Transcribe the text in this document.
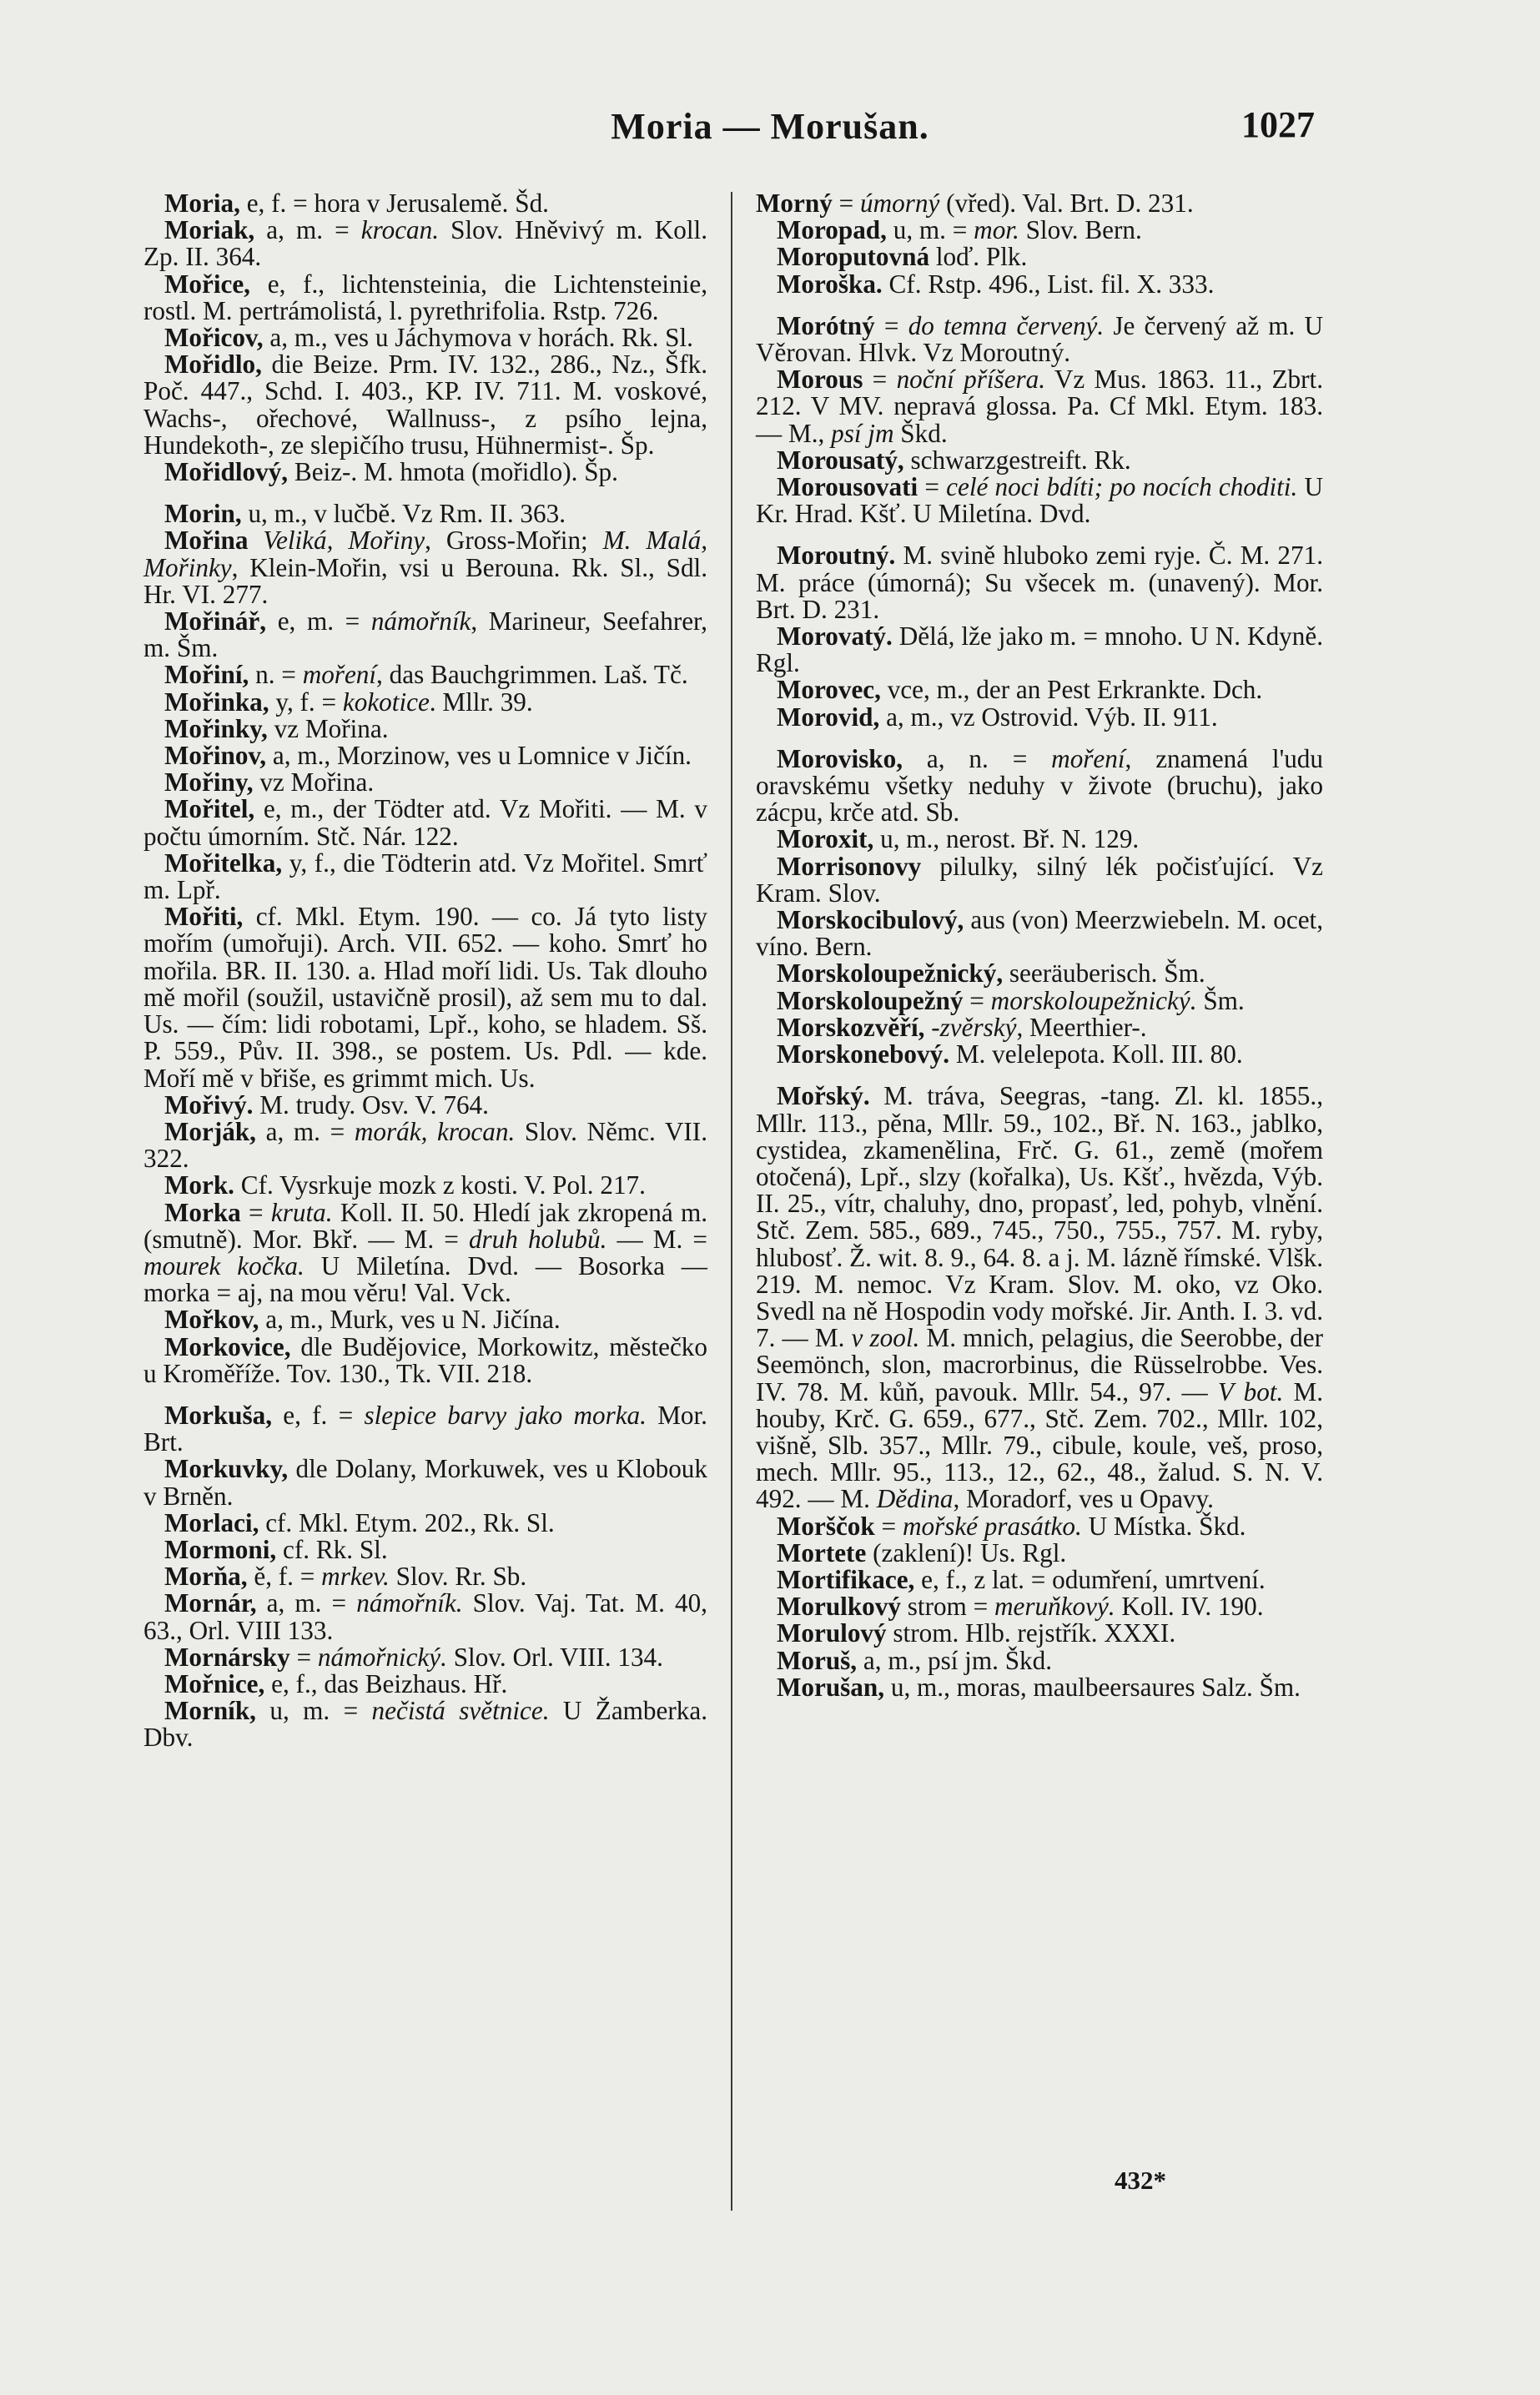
Moria — Morušan.	1027
Moria, e, f. = hora v Jerusalemě. Šd.
Moriak, a, m. = krocan. Slov. Hněvivý m. Koll. Zp. II. 364.
Mořice, e, f., lichtensteinia, die Lichtensteinie, rostl. M. pertrámolistá, l. pyrethrifolia. Rstp. 726.
Mořicov, a, m., ves u Jáchymova v horách. Rk. Sl.
Mořidlo, die Beize. Prm. IV. 132., 286., Nz., Šfk. Poč. 447., Schd. I. 403., KP. IV. 711. M. voskové, Wachs-, ořechové, Wallnuss-, z psího lejna, Hundekoth-, ze slepičího trusu, Hühnermist-. Šp.
Mořidlový, Beiz-. M. hmota (mořidlo). Šp.
Morin, u, m., v lučbě. Vz Rm. II. 363.
Mořina Veliká, Mořiny, Gross-Mořin; M. Malá, Mořinky, Klein-Mořin, vsi u Berouna. Rk. Sl., Sdl. Hr. VI. 277.
Mořinář, e, m. = námořník, Marineur, Seefahrer, m. Šm.
Mořiní, n. = moření, das Bauchgrimmen. Laš. Tč.
Mořinka, y, f. = kokotice. Mllr. 39.
Mořinky, vz Mořina.
Mořinov, a, m., Morzinow, ves u Lomnice v Jičín.
Mořiny, vz Mořina.
Mořitel, e, m., der Tödter atd. Vz Mořiti. — M. v počtu úmorním. Stč. Nár. 122.
Mořitelka, y, f., die Tödterin atd. Vz Mořitel. Smrť m. Lpř.
Mořiti, cf. Mkl. Etym. 190. — co. Já tyto listy mořím (umořuji). Arch. VII. 652. — koho. Smrť ho mořila. BR. II. 130. a. Hlad moří lidi. Us. Tak dlouho mě mořil (soužil, ustavičně prosil), až sem mu to dal. Us. — čím: lidi robotami, Lpř., koho, se hladem. Sš. P. 559., Pův. II. 398., se postem. Us. Pdl. — kde. Moří mě v břiše, es grimmt mich. Us.
Mořivý. M. trudy. Osv. V. 764.
Morják, a, m. = morák, krocan. Slov. Němc. VII. 322.
Mork. Cf. Vysrkuje mozk z kosti. V. Pol. 217.
Morka = kruta. Koll. II. 50. Hledí jak zkropená m. (smutně). Mor. Bkř. — M. = druh holubů. — M. = mourek kočka. U Miletína. Dvd. — Bosorka — morka = aj, na mou věru! Val. Vck.
Mořkov, a, m., Murk, ves u N. Jičína.
Morkovice, dle Budějovice, Morkowitz, městečko u Kroměříže. Tov. 130., Tk. VII. 218.
Morkuša, e, f. = slepice barvy jako morka. Mor. Brt.
Morkuvky, dle Dolany, Morkuwek, ves u Klobouk v Brněn.
Morlaci, cf. Mkl. Etym. 202., Rk. Sl.
Mormoni, cf. Rk. Sl.
Morňa, ě, f. = mrkev. Slov. Rr. Sb.
Mornár, a, m. = námořník. Slov. Vaj. Tat. M. 40, 63., Orl. VIII 133.
Mornársky = námořnický. Slov. Orl. VIII. 134.
Mořnice, e, f., das Beizhaus. Hř.
Morník, u, m. = nečistá světnice. U Žamberka. Dbv.
Morný = úmorný (vřed). Val. Brt. D. 231.
Moropad, u, m. = mor. Slov. Bern.
Moroputovná loď. Plk.
Moroška. Cf. Rstp. 496., List. fil. X. 333.
Morótný = do temna červený. Je červený až m. U Věrovan. Hlvk. Vz Moroutný.
Morous = noční příšera. Vz Mus. 1863. 11., Zbrt. 212. V MV. nepravá glossa. Pa. Cf Mkl. Etym. 183. — M., psí jm Škd.
Morousatý, schwarzgestreift. Rk.
Morousovati = celé noci bdíti; po nocích choditi. U Kr. Hrad. Kšť. U Miletína. Dvd.
Moroutný. M. svině hluboko zemi ryje. Č. M. 271. M. práce (úmorná); Su všecek m. (unavený). Mor. Brt. D. 231.
Morovatý. Dělá, lže jako m. = mnoho. U N. Kdyně. Rgl.
Morovec, vce, m., der an Pest Erkrankte. Dch.
Morovid, a, m., vz Ostrovid. Výb. II. 911.
Morovisko, a, n. = moření, znamená l'udu oravskému všetky neduhy v živote (bruchu), jako zácpu, krče atd. Sb.
Moroxit, u, m., nerost. Bř. N. 129.
Morrisonovy pilulky, silný lék počisťující. Vz Kram. Slov.
Morskocibulový, aus (von) Meerzwiebeln. M. ocet, víno. Bern.
Morskoloupežnický, seeräuberisch. Šm.
Morskoloupežný = morskoloupežnický. Šm.
Morskozvěří, -zvěrský, Meerthier-.
Morskonebový. M. velelepota. Koll. III. 80.
Mořský. M. tráva, Seegras, -tang. Zl. kl. 1855., Mllr. 113., pěna, Mllr. 59., 102., Bř. N. 163., jablko, cystidea, zkamenělina, Frč. G. 61., země (mořem otočená), Lpř., slzy (kořalka), Us. Kšť., hvězda, Výb. II. 25., vítr, chaluhy, dno, propasť, led, pohyb, vlnění. Stč. Zem. 585., 689., 745., 750., 755., 757. M. ryby, hlubosť. Ž. wit. 8. 9., 64. 8. a j. M. lázně římské. Vlšk. 219. M. nemoc. Vz Kram. Slov. M. oko, vz Oko. Svedl na ně Hospodin vody mořské. Jir. Anth. I. 3. vd. 7. — M. v zool. M. mnich, pelagius, die Seerobbe, der Seemönch, slon, macrorbinus, die Rüsselrobbe. Ves. IV. 78. M. kůň, pavouk. Mllr. 54., 97. — V bot. M. houby, Krč. G. 659., 677., Stč. Zem. 702., Mllr. 102, višně, Slb. 357., Mllr. 79., cibule, koule, veš, proso, mech. Mllr. 95., 113., 12., 62., 48., žalud. S. N. V. 492. — M. Dědina, Moradorf, ves u Opavy.
Morščok = mořské prasátko. U Místka. Škd.
Mortete (zaklení)! Us. Rgl.
Mortifikace, e, f., z lat. = odumření, umrtvení.
Morulkový strom = meruňkový. Koll. IV. 190.
Morulový strom. Hlb. rejstřík. XXXI.
Moruš, a, m., psí jm. Škd.
Morušan, u, m., moras, maulbeersaures Salz. Šm.
432*
